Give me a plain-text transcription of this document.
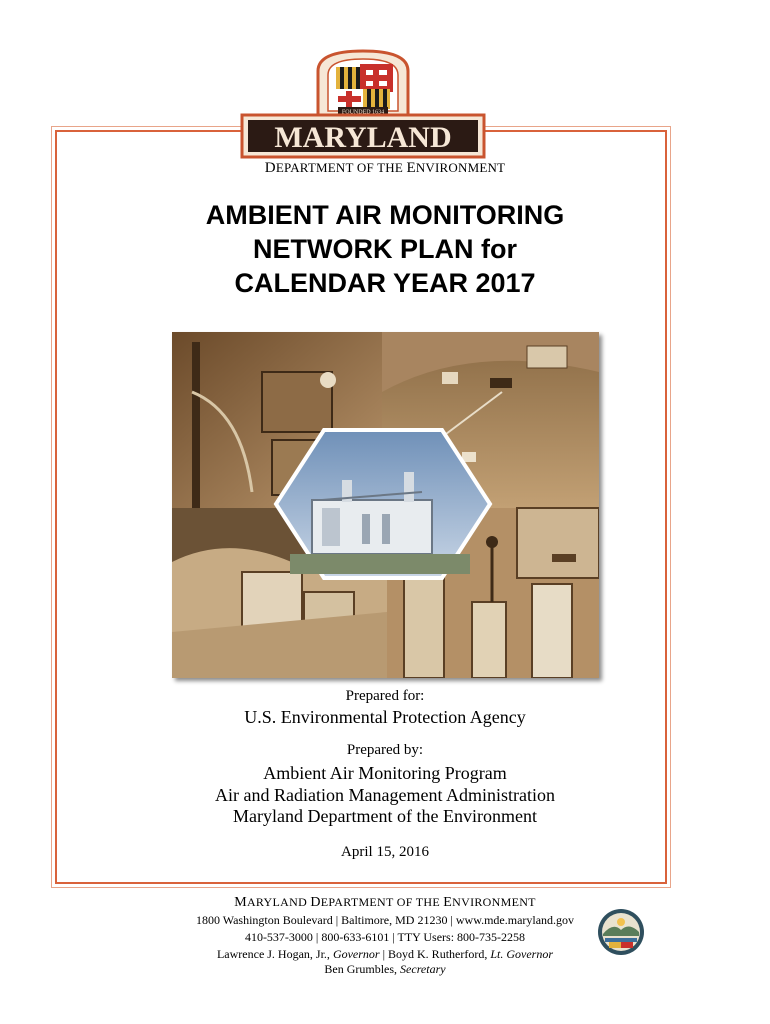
FOUNDED 1634
MARYLAND
DEPARTMENT OF THE ENVIRONMENT
AMBIENT AIR MONITORING
NETWORK PLAN for
CALENDAR YEAR 2017
Prepared for:
U.S. Environmental Protection Agency
Prepared by:
Ambient Air Monitoring Program
Air and Radiation Management Administration
Maryland Department of the Environment
April 15, 2016
MARYLAND DEPARTMENT OF THE ENVIRONMENT
1800 Washington Boulevard | Baltimore, MD 21230 | www.mde.maryland.gov
410-537-3000 | 800-633-6101 | TTY Users: 800-735-2258
Lawrence J. Hogan, Jr., Governor | Boyd K. Rutherford, Lt. Governor
Ben Grumbles, Secretary
